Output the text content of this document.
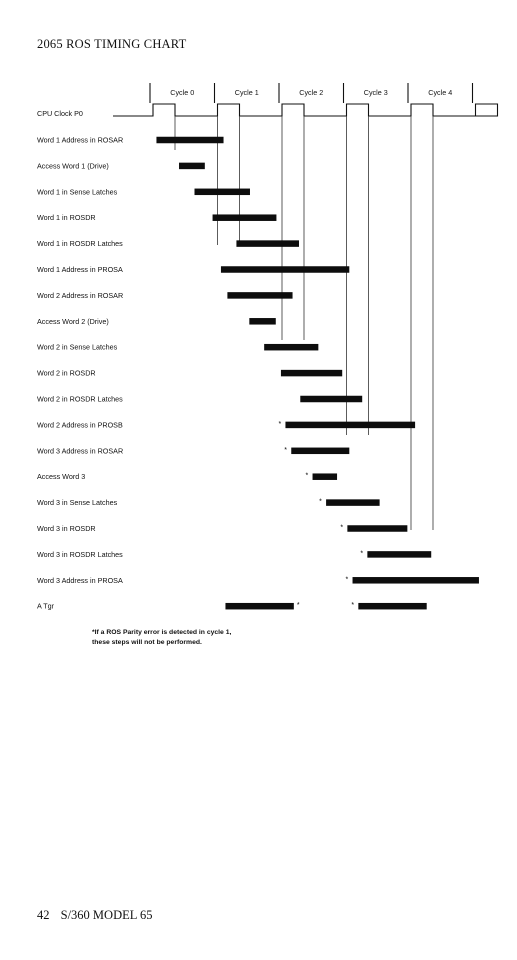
2065 ROS TIMING CHART
Cycle 0	Cycle 1	Cycle 2	Cycle 3	Cycle 4
CPU Clock P0
Word 1 Address in ROSAR
Access Word 1 (Drive)
Word 1 in Sense Latches
Word 1 in ROSDR
Word 1 in ROSDR Latches
Word 1 Address in PROSA
Word 2 Address in ROSAR
Access Word 2 (Drive)
Word 2 in Sense Latches
Word 2 in ROSDR
Word 2 in ROSDR Latches
Word 2 Address in PROSB	*
Word 3 Address in ROSAR	*
Access Word 3	*
Word 3 in Sense Latches	*
Word 3 in ROSDR	*
Word 3 in ROSDR Latches	*
Word 3 Address in PROSA	*
A Tgr	*	*
*If a ROS Parity error is detected in cycle 1,
these steps will not be performed.
42 S/360 MODEL 65
